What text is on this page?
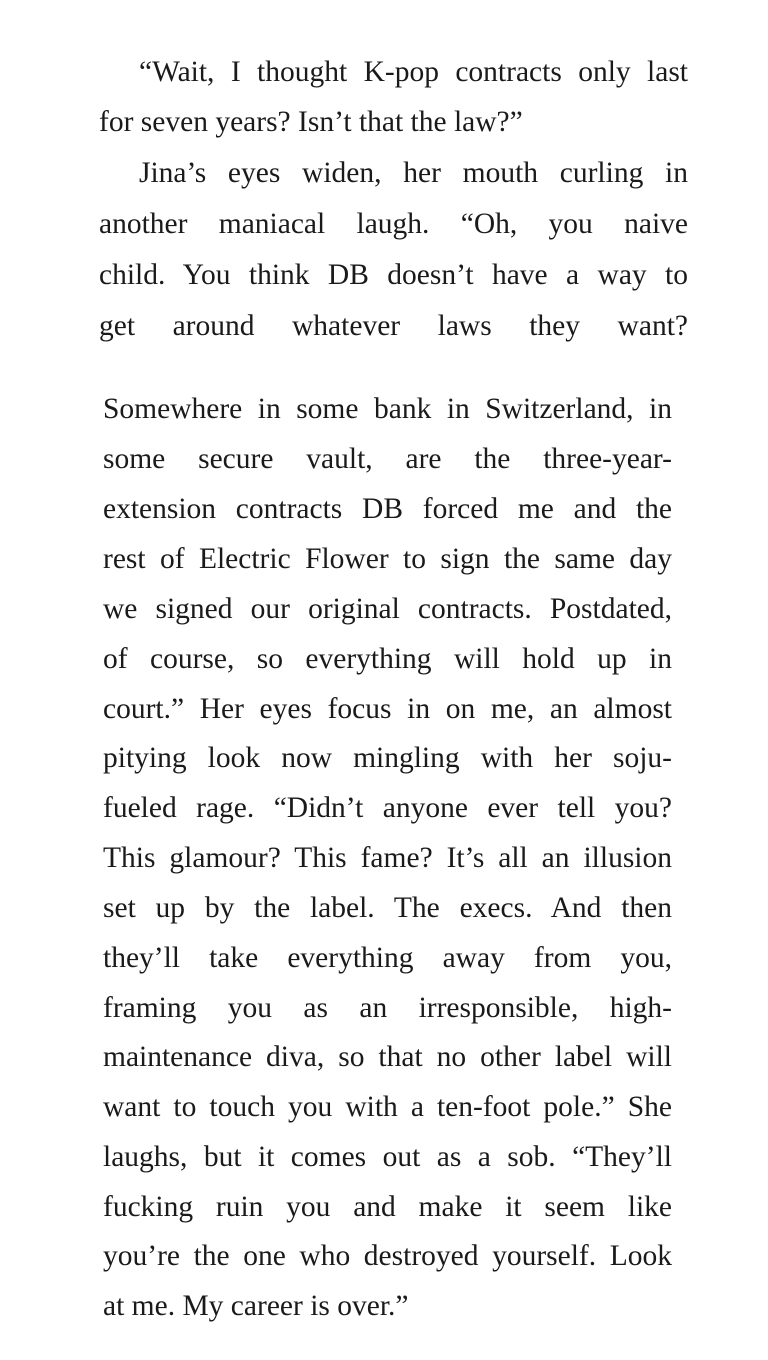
“Wait, I thought K-pop contracts only last
for seven years? Isn’t that the law?”
Jina’s eyes widen, her mouth curling in
another maniacal laugh. “Oh, you naive
child. You think DB doesn’t have a way to
get around whatever laws they want?
Somewhere in some bank in Switzerland, in
some secure vault, are the three-year-
extension contracts DB forced me and the
rest of Electric Flower to sign the same day
we signed our original contracts. Postdated,
of course, so everything will hold up in
court.” Her eyes focus in on me, an almost
pitying look now mingling with her soju-
fueled rage. “Didn’t anyone ever tell you?
This glamour? This fame? It’s all an illusion
set up by the label. The execs. And then
they’ll take everything away from you,
framing you as an irresponsible, high-
maintenance diva, so that no other label will
want to touch you with a ten-foot pole.” She
laughs, but it comes out as a sob. “They’ll
fucking ruin you and make it seem like
you’re the one who destroyed yourself. Look
at me. My career is over.”
